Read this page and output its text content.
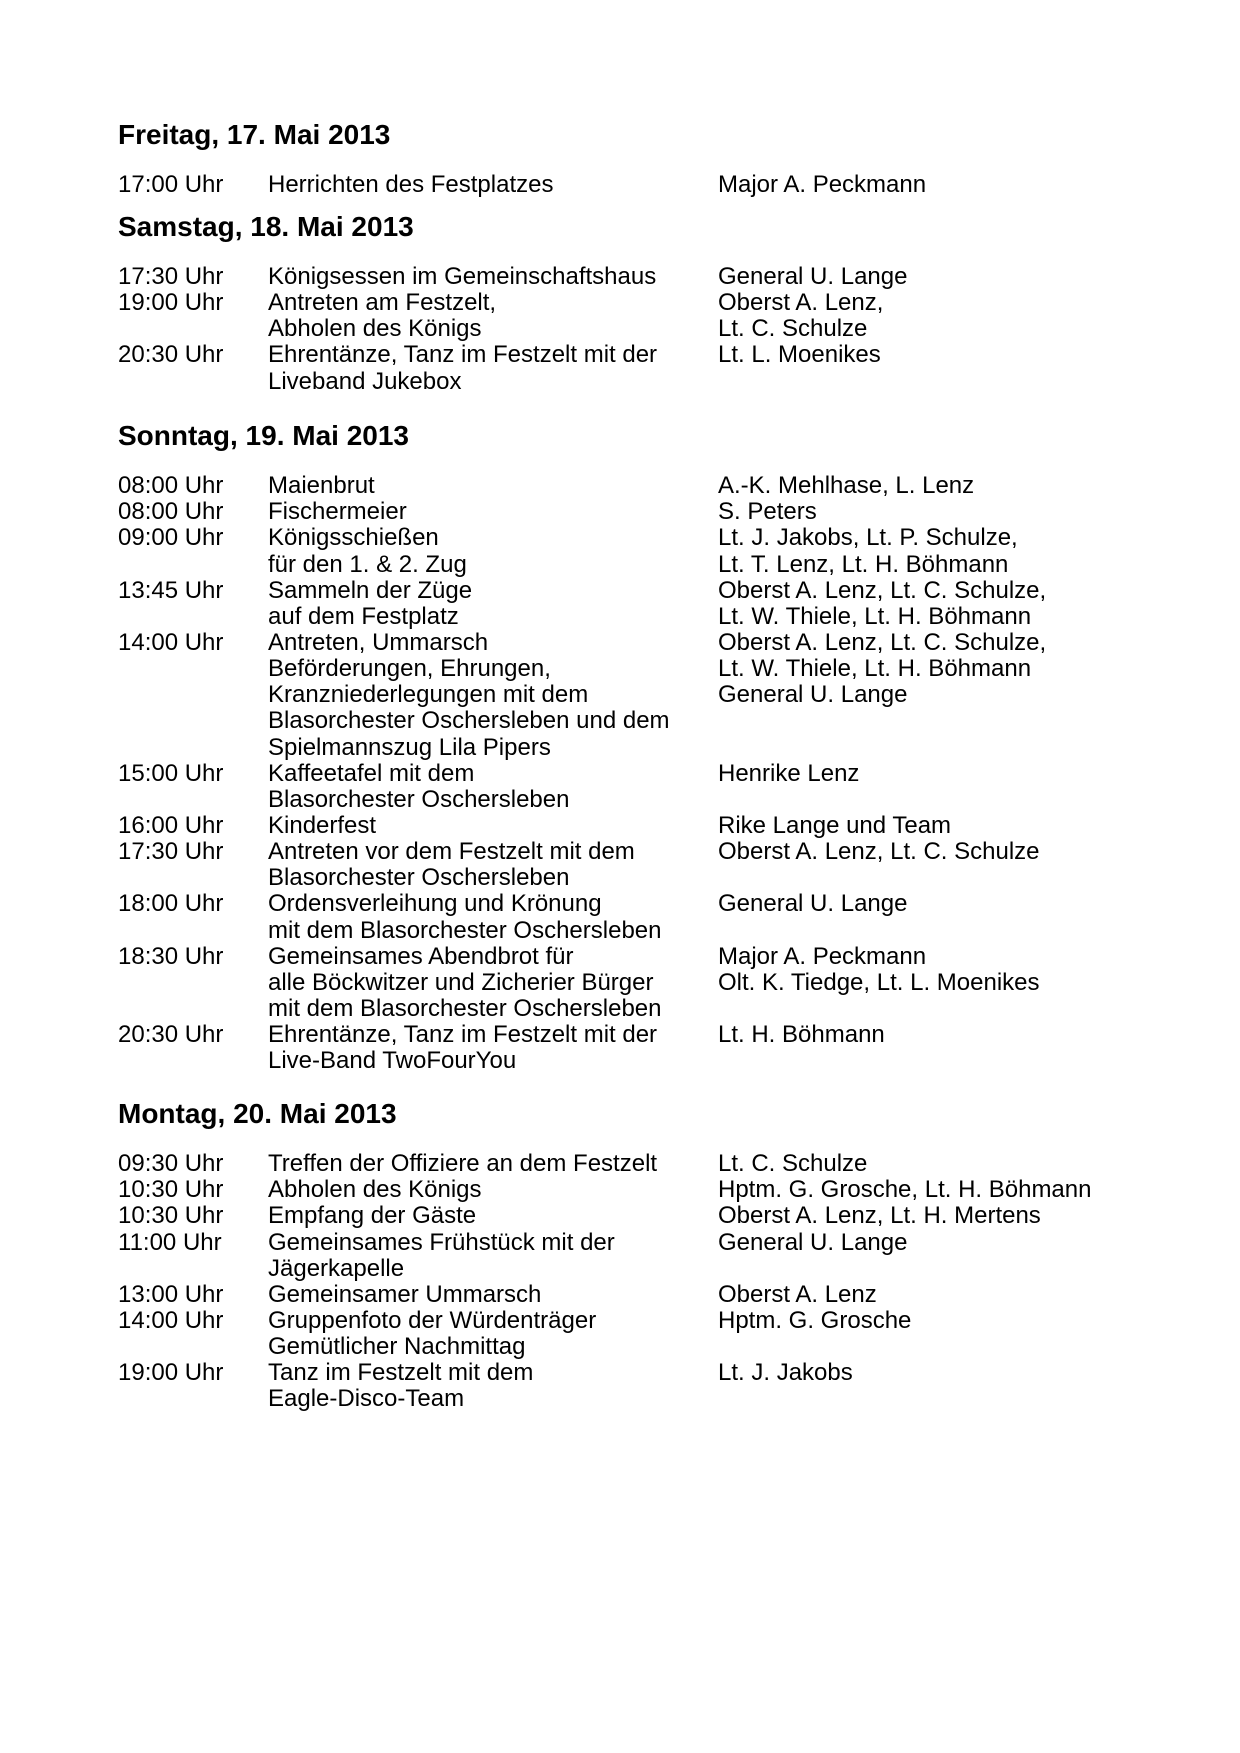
Freitag, 17. Mai 2013
17:00 Uhr Herrichten des Festplatzes	Major A. Peckmann
Samstag, 18. Mai 2013
17:30 Uhr Königsessen im Gemeinschaftshaus	General U. Lange
19:00 Uhr Antreten am Festzelt,	Oberst A. Lenz,
Abholen des Königs	Lt. C. Schulze
20:30 Uhr Ehrentänze, Tanz im Festzelt mit der	Lt. L. Moenikes
Liveband Jukebox
Sonntag, 19. Mai 2013
08:00 Uhr Maienbrut	A.-K. Mehlhase, L. Lenz
08:00 Uhr Fischermeier	S. Peters
09:00 Uhr Königsschießen	Lt. J. Jakobs, Lt. P. Schulze,
für den 1. & 2. Zug	Lt. T. Lenz, Lt. H. Böhmann
13:45 Uhr Sammeln der Züge	Oberst A. Lenz, Lt. C. Schulze,
auf dem Festplatz	Lt. W. Thiele, Lt. H. Böhmann
14:00 Uhr Antreten, Ummarsch	Oberst A. Lenz, Lt. C. Schulze,
Beförderungen, Ehrungen,	Lt. W. Thiele, Lt. H. Böhmann
Kranzniederlegungen mit dem	General U. Lange
Blasorchester Oschersleben und dem
Spielmannszug Lila Pipers
15:00 Uhr Kaffeetafel mit dem	Henrike Lenz
Blasorchester Oschersleben
16:00 Uhr Kinderfest	Rike Lange und Team
17:30 Uhr Antreten vor dem Festzelt mit dem	Oberst A. Lenz, Lt. C. Schulze
Blasorchester Oschersleben
18:00 Uhr Ordensverleihung und Krönung	General U. Lange
mit dem Blasorchester Oschersleben
18:30 Uhr Gemeinsames Abendbrot für	Major A. Peckmann
alle Böckwitzer und Zicherier Bürger	Olt. K. Tiedge, Lt. L. Moenikes
mit dem Blasorchester Oschersleben
20:30 Uhr Ehrentänze, Tanz im Festzelt mit der	Lt. H. Böhmann
Live-Band TwoFourYou
Montag, 20. Mai 2013
09:30 Uhr Treffen der Offiziere an dem Festzelt	Lt. C. Schulze
10:30 Uhr Abholen des Königs	Hptm. G. Grosche, Lt. H. Böhmann
10:30 Uhr Empfang der Gäste	Oberst A. Lenz, Lt. H. Mertens
11:00 Uhr Gemeinsames Frühstück mit der	General U. Lange
Jägerkapelle
13:00 Uhr Gemeinsamer Ummarsch	Oberst A. Lenz
14:00 Uhr Gruppenfoto der Würdenträger	Hptm. G. Grosche
Gemütlicher Nachmittag
19:00 Uhr Tanz im Festzelt mit dem	Lt. J. Jakobs
Eagle-Disco-Team
